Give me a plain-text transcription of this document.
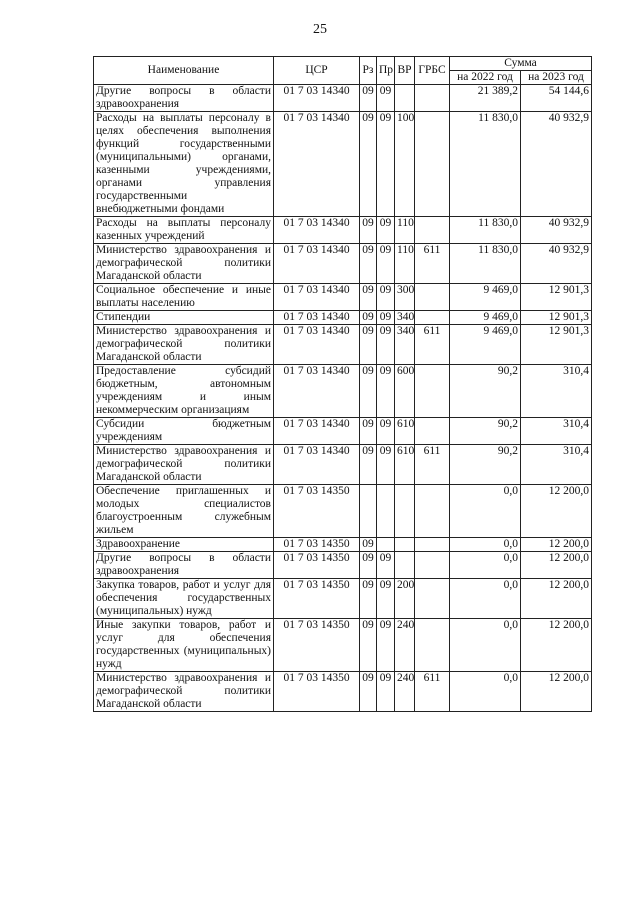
25
Наименование	ЦСР	Рз	Пр	ВР	ГРБС	Сумма	
						на 2022 год	на 2023 год
Другие вопросы в области здравоохранения	01 7 03 14340	09	09			21 389,2	54 144,6
Расходы на выплаты персоналу в целях обеспечения выполнения функций государственными (муниципальными) органами, казенными учреждениями, органами управления государственными внебюджетными фондами	01 7 03 14340	09	09	100		11 830,0	40 932,9
Расходы на выплаты персоналу казенных учреждений	01 7 03 14340	09	09	110		11 830,0	40 932,9
Министерство здравоохранения и демографической политики Магаданской области	01 7 03 14340	09	09	110	611	11 830,0	40 932,9
Социальное обеспечение и иные выплаты населению	01 7 03 14340	09	09	300		9 469,0	12 901,3
Стипендии	01 7 03 14340	09	09	340		9 469,0	12 901,3
Министерство здравоохранения и демографической политики Магаданской области	01 7 03 14340	09	09	340	611	9 469,0	12 901,3
Предоставление субсидий бюджетным, автономным учреждениям и иным некоммерческим организациям	01 7 03 14340	09	09	600		90,2	310,4
Субсидии бюджетным учреждениям	01 7 03 14340	09	09	610		90,2	310,4
Министерство здравоохранения и демографической политики Магаданской области	01 7 03 14340	09	09	610	611	90,2	310,4
Обеспечение приглашенных и молодых специалистов благоустроенным служебным жильем	01 7 03 14350					0,0	12 200,0
Здравоохранение	01 7 03 14350	09				0,0	12 200,0
Другие вопросы в области здравоохранения	01 7 03 14350	09	09			0,0	12 200,0
Закупка товаров, работ и услуг для обеспечения государственных (муниципальных) нужд	01 7 03 14350	09	09	200		0,0	12 200,0
Иные закупки товаров, работ и услуг для обеспечения государственных (муниципальных) нужд	01 7 03 14350	09	09	240		0,0	12 200,0
Министерство здравоохранения и демографической политики Магаданской области	01 7 03 14350	09	09	240	611	0,0	12 200,0
